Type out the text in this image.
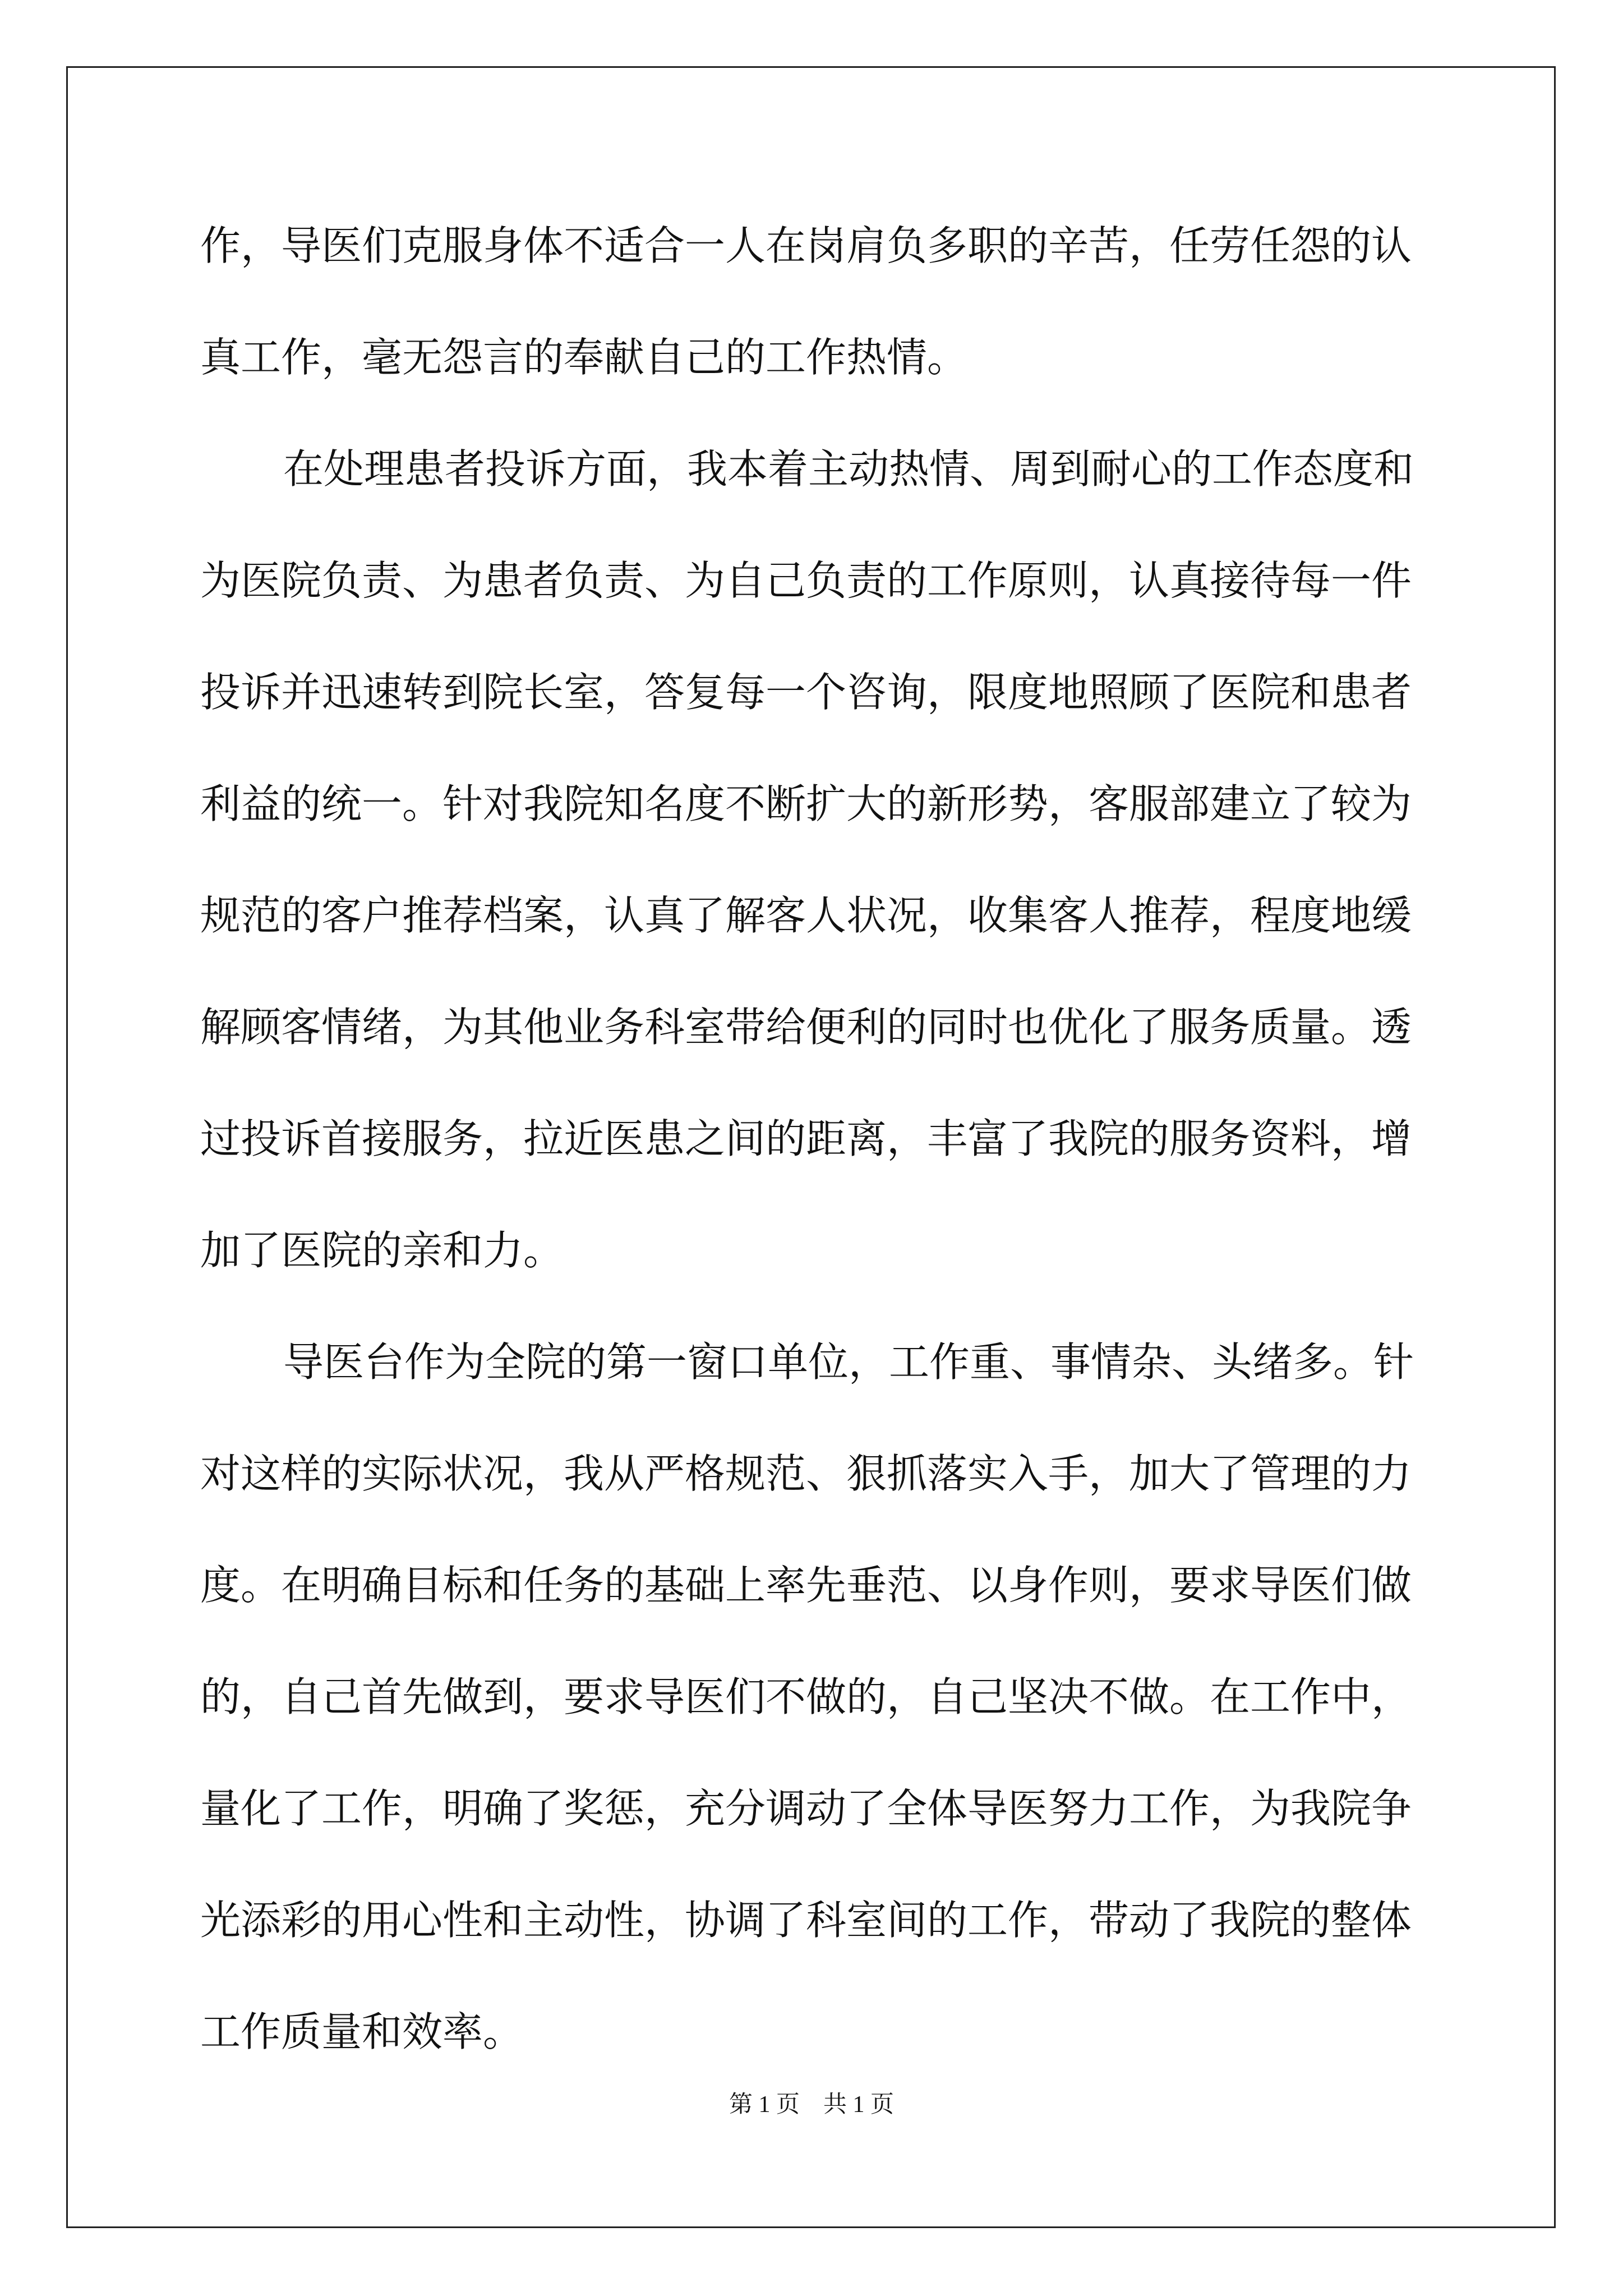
作，导医们克服身体不适合一人在岗肩负多职的辛苦，任劳任怨的认
真工作，毫无怨言的奉献自己的工作热情。
在处理患者投诉方面，我本着主动热情、周到耐心的工作态度和
为医院负责、为患者负责、为自己负责的工作原则，认真接待每一件
投诉并迅速转到院长室，答复每一个咨询，限度地照顾了医院和患者
利益的统一。针对我院知名度不断扩大的新形势，客服部建立了较为
规范的客户推荐档案，认真了解客人状况，收集客人推荐，程度地缓
解顾客情绪，为其他业务科室带给便利的同时也优化了服务质量。透
过投诉首接服务，拉近医患之间的距离，丰富了我院的服务资料，增
加了医院的亲和力。
导医台作为全院的第一窗口单位，工作重、事情杂、头绪多。针
对这样的实际状况，我从严格规范、狠抓落实入手，加大了管理的力
度。在明确目标和任务的基础上率先垂范、以身作则，要求导医们做
的，自己首先做到，要求导医们不做的，自己坚决不做。在工作中，
量化了工作，明确了奖惩，充分调动了全体导医努力工作，为我院争
光添彩的用心性和主动性，协调了科室间的工作，带动了我院的整体
工作质量和效率。
第 1 页　共 1 页
